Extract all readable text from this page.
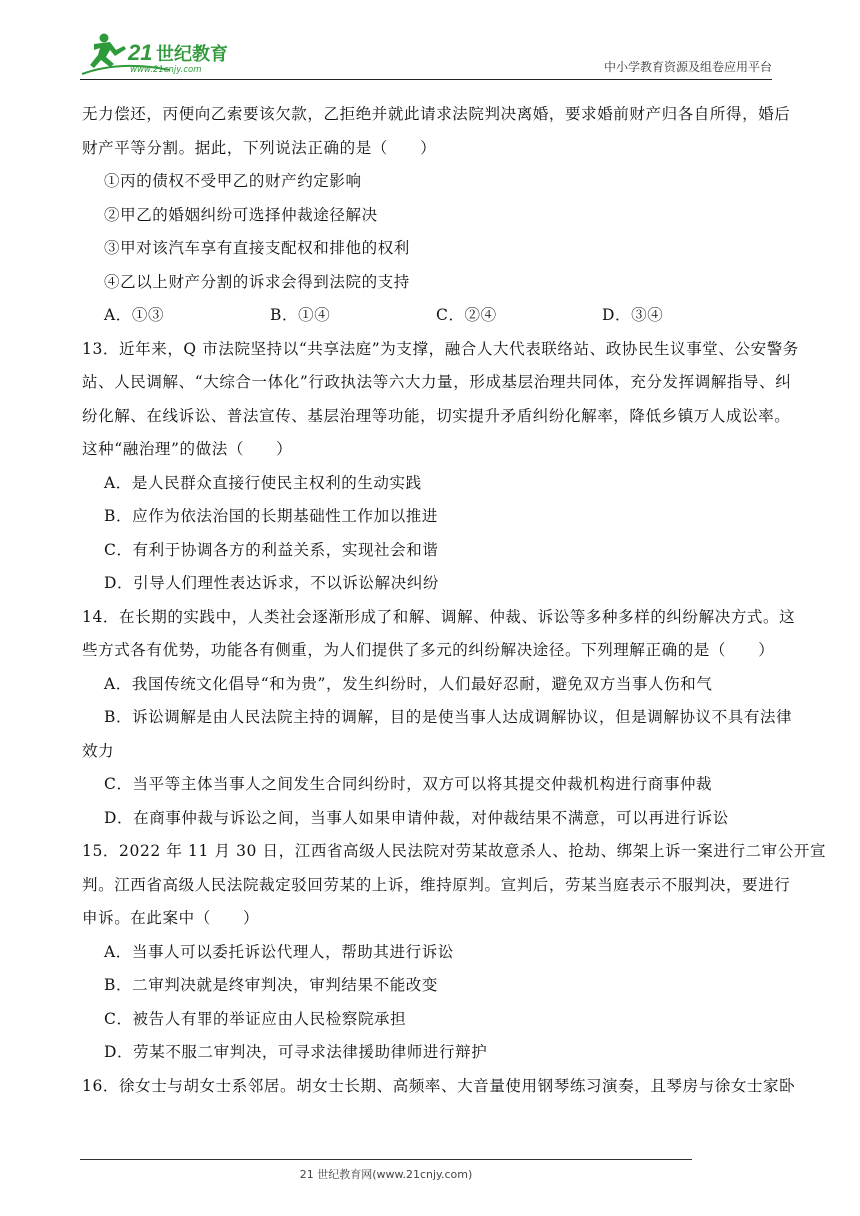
21 世纪教育
www.21cnjy.com	中小学教育资源及组卷应用平台
无力偿还，丙便向乙索要该欠款，乙拒绝并就此请求法院判决离婚，要求婚前财产归各自所得，婚后
财产平等分割。据此，下列说法正确的是（　　）
①丙的债权不受甲乙的财产约定影响
②甲乙的婚姻纠纷可选择仲裁途径解决
③甲对该汽车享有直接支配权和排他的权利
④乙以上财产分割的诉求会得到法院的支持
A．①③	B．①④	C．②④	D．③④
13．近年来，Q 市法院坚持以“共享法庭”为支撑，融合人大代表联络站、政协民生议事堂、公安警务
站、人民调解、“大综合一体化”行政执法等六大力量，形成基层治理共同体，充分发挥调解指导、纠
纷化解、在线诉讼、普法宣传、基层治理等功能，切实提升矛盾纠纷化解率，降低乡镇万人成讼率。
这种“融治理”的做法（　　）
A．是人民群众直接行使民主权利的生动实践
B．应作为依法治国的长期基础性工作加以推进
C．有利于协调各方的利益关系，实现社会和谐
D．引导人们理性表达诉求，不以诉讼解决纠纷
14．在长期的实践中，人类社会逐渐形成了和解、调解、仲裁、诉讼等多种多样的纠纷解决方式。这
些方式各有优势，功能各有侧重，为人们提供了多元的纠纷解决途径。下列理解正确的是（　　）
A．我国传统文化倡导“和为贵”，发生纠纷时，人们最好忍耐，避免双方当事人伤和气
B．诉讼调解是由人民法院主持的调解，目的是使当事人达成调解协议，但是调解协议不具有法律
效力
C．当平等主体当事人之间发生合同纠纷时，双方可以将其提交仲裁机构进行商事仲裁
D．在商事仲裁与诉讼之间，当事人如果申请仲裁，对仲裁结果不满意，可以再进行诉讼
15．2022 年 11 月 30 日，江西省高级人民法院对劳某故意杀人、抢劫、绑架上诉一案进行二审公开宣
判。江西省高级人民法院裁定驳回劳某的上诉，维持原判。宣判后，劳某当庭表示不服判决，要进行
申诉。在此案中（　　）
A．当事人可以委托诉讼代理人，帮助其进行诉讼
B．二审判决就是终审判决，审判结果不能改变
C．被告人有罪的举证应由人民检察院承担
D．劳某不服二审判决，可寻求法律援助律师进行辩护
16．徐女士与胡女士系邻居。胡女士长期、高频率、大音量使用钢琴练习演奏，且琴房与徐女士家卧
21 世纪教育网(www.21cnjy.com)
